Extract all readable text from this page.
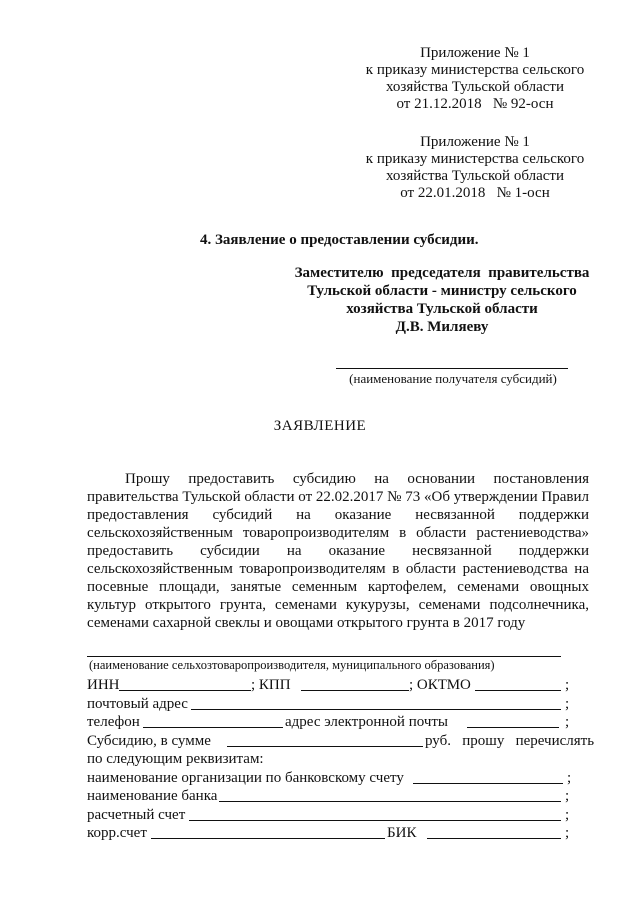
Приложение № 1
к приказу министерства сельского
хозяйства Тульской области
от 21.12.2018   № 92-осн
Приложение № 1
к приказу министерства сельского
хозяйства Тульской области
от 22.01.2018   № 1-осн
4. Заявление о предоставлении субсидии.
Заместителю  председателя  правительства
Тульской области - министру сельского
хозяйства Тульской области
Д.В. Миляеву
(наименование получателя субсидий)
ЗАЯВЛЕНИЕ
Прошу предоставить субсидию на основании постановления правительства Тульской области от 22.02.2017 № 73 «Об утверждении Правил предоставления субсидий на оказание несвязанной поддержки сельскохозяйственным товаропроизводителям в области растениеводства» предоставить субсидии на оказание несвязанной поддержки сельскохозяйственным товаропроизводителям в области растениеводства на посевные площади, занятые семенным картофелем, семенами овощных культур открытого грунта, семенами кукурузы, семенами подсолнечника, семенами сахарной свеклы и овощами открытого грунта в 2017 году
(наименование сельхозтоваропроизводителя, муниципального образования)
ИНН	; КПП	; ОКТМО	;
почтовый адрес	;
телефон	адрес электронной почты	;
Субсидию, в сумме	руб.   прошу   перечислять
по следующим реквизитам:
наименование организации по банковскому счету	;
наименование банка	;
расчетный счет	;
корр.счет	БИК	;
